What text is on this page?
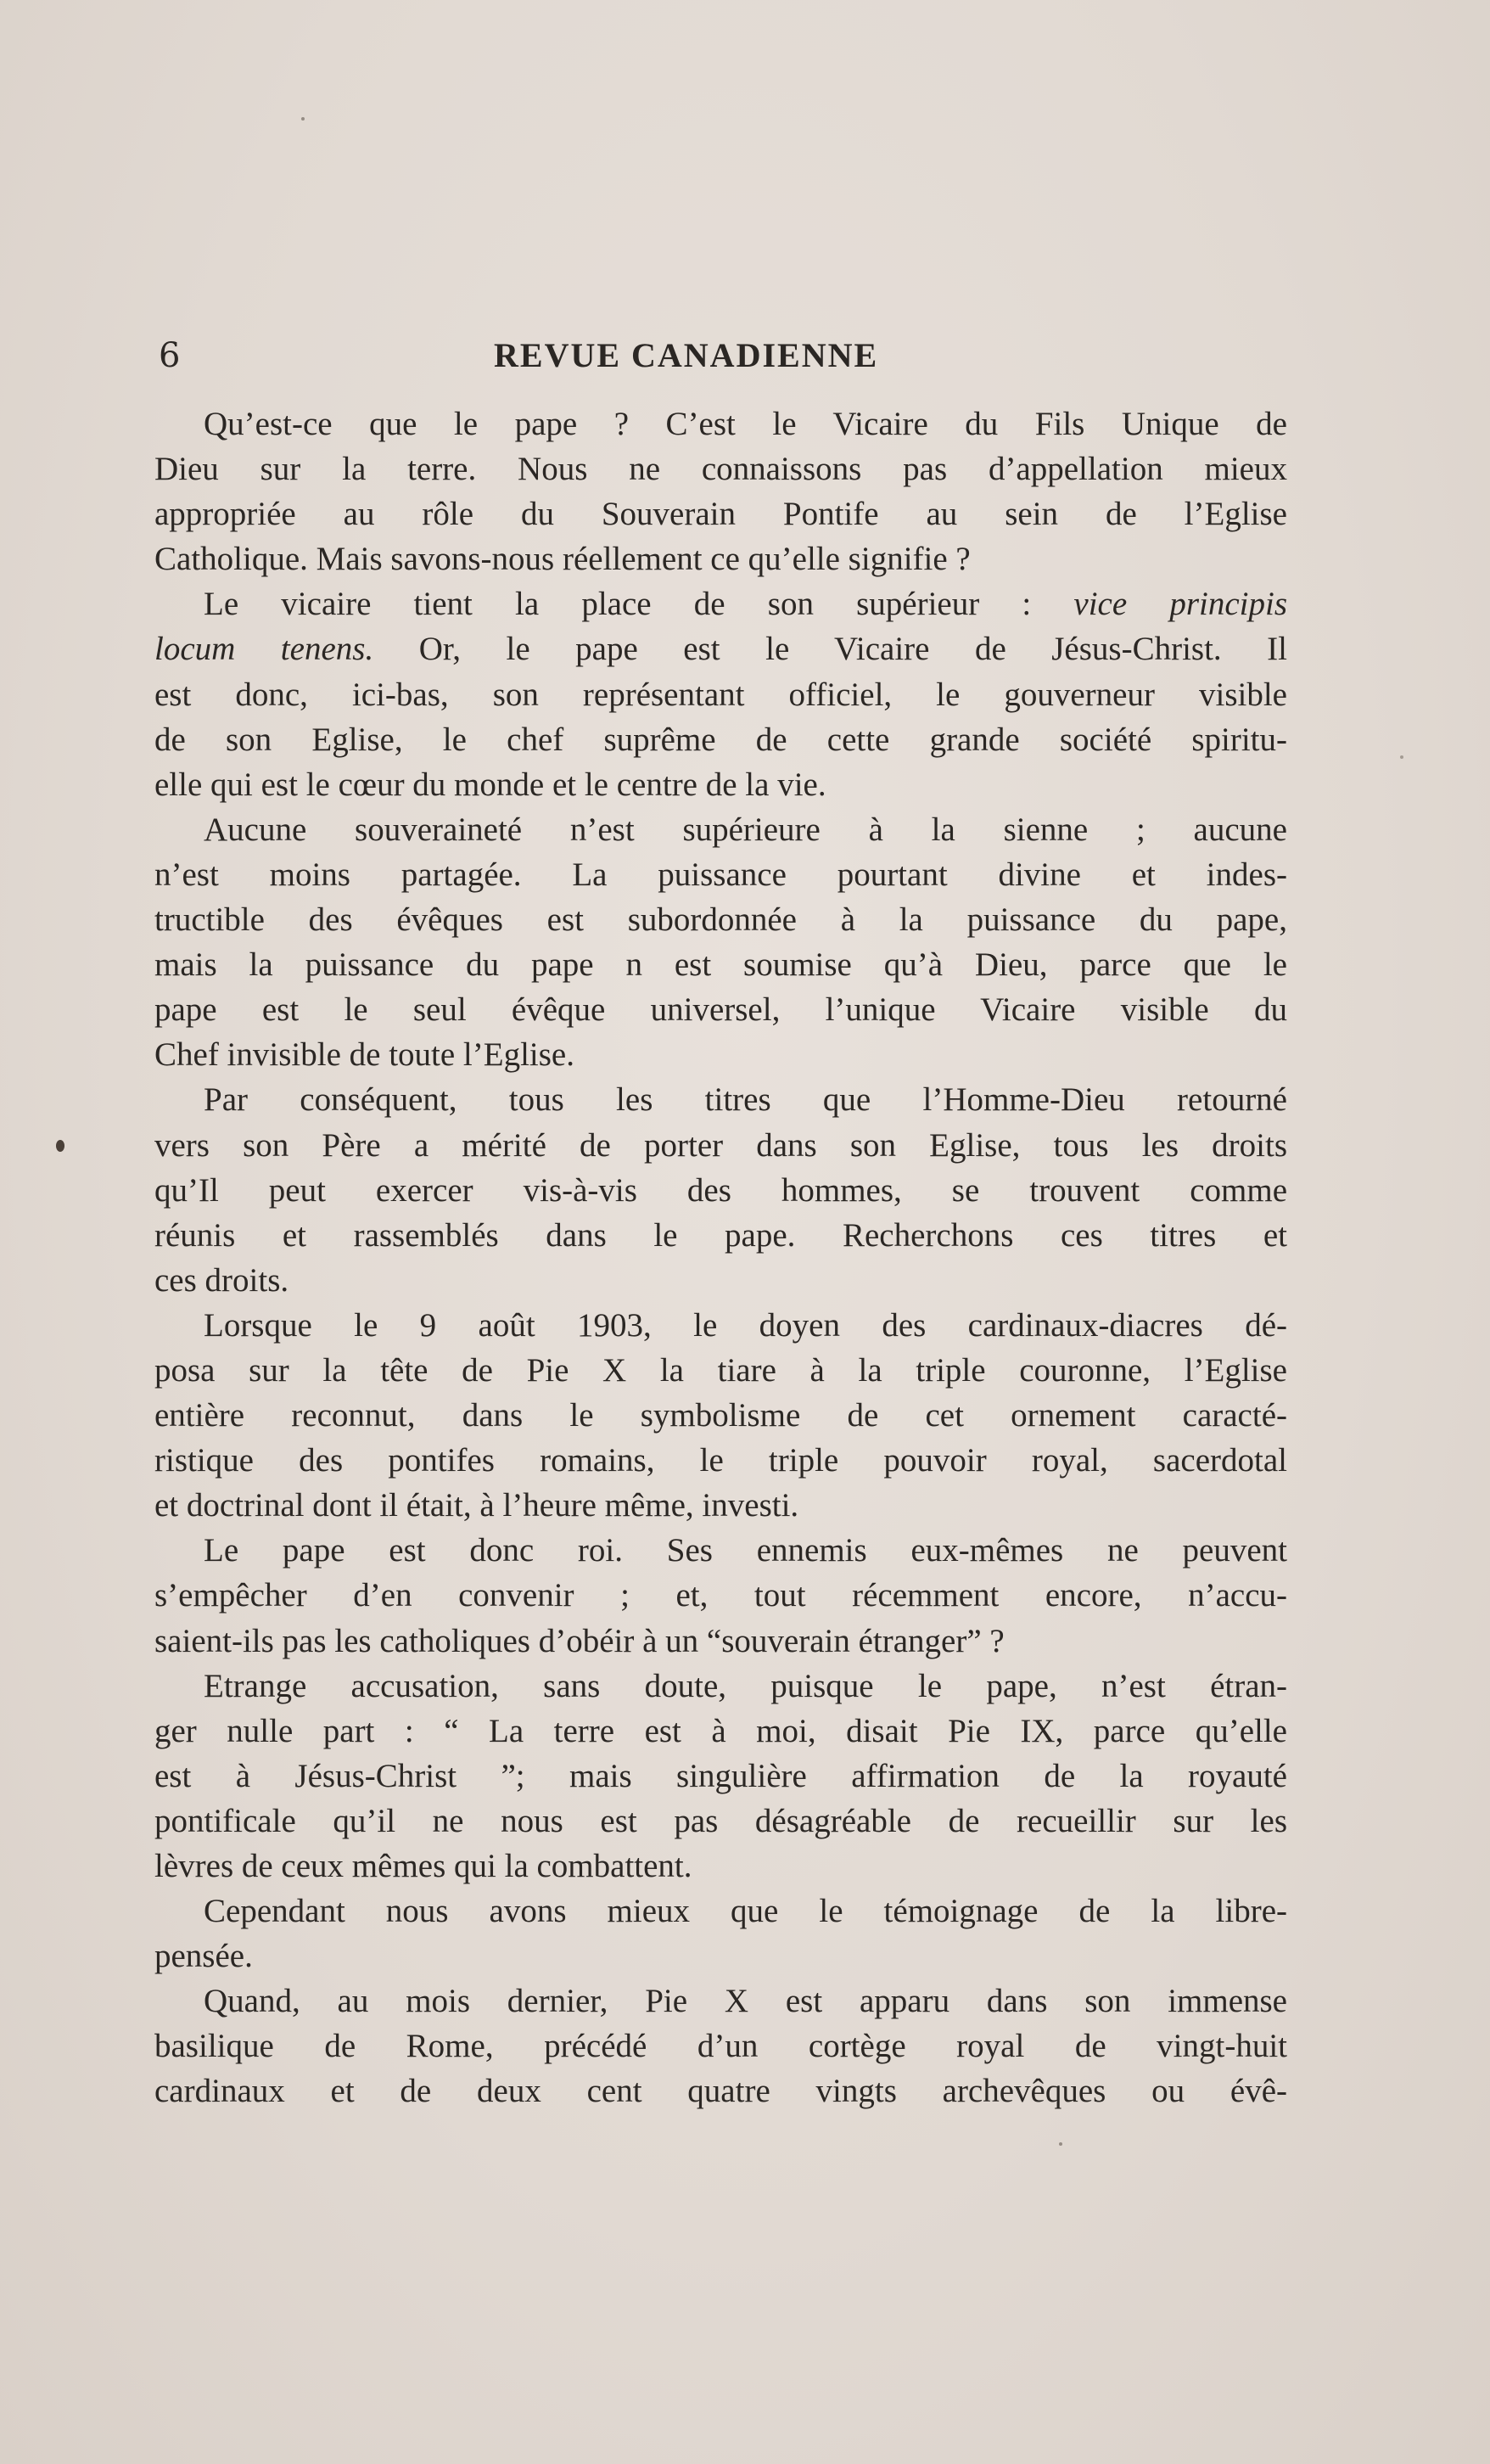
6	REVUE CANADIENNE
Qu’est-ce que le pape ? C’est le Vicaire du Fils Unique de
Dieu sur la terre. Nous ne connaissons pas d’appellation mieux
appropriée au rôle du Souverain Pontife au sein de l’Eglise
Catholique. Mais savons-nous réellement ce qu’elle signifie ?
Le vicaire tient la place de son supérieur : vice principis
locum tenens. Or, le pape est le Vicaire de Jésus-Christ. Il
est donc, ici-bas, son représentant officiel, le gouverneur visible
de son Eglise, le chef suprême de cette grande société spiritu-
elle qui est le cœur du monde et le centre de la vie.
Aucune souveraineté n’est supérieure à la sienne ; aucune
n’est moins partagée. La puissance pourtant divine et indes-
tructible des évêques est subordonnée à la puissance du pape,
mais la puissance du pape n est soumise qu’à Dieu, parce que le
pape est le seul évêque universel, l’unique Vicaire visible du
Chef invisible de toute l’Eglise.
Par conséquent, tous les titres que l’Homme-Dieu retourné
vers son Père a mérité de porter dans son Eglise, tous les droits
qu’Il peut exercer vis-à-vis des hommes, se trouvent comme
réunis et rassemblés dans le pape. Recherchons ces titres et
ces droits.
Lorsque le 9 août 1903, le doyen des cardinaux-diacres dé-
posa sur la tête de Pie X la tiare à la triple couronne, l’Eglise
entière reconnut, dans le symbolisme de cet ornement caracté-
ristique des pontifes romains, le triple pouvoir royal, sacerdotal
et doctrinal dont il était, à l’heure même, investi.
Le pape est donc roi. Ses ennemis eux-mêmes ne peuvent
s’empêcher d’en convenir ; et, tout récemment encore, n’accu-
saient-ils pas les catholiques d’obéir à un “souverain étranger” ?
Etrange accusation, sans doute, puisque le pape, n’est étran-
ger nulle part : “ La terre est à moi, disait Pie IX, parce qu’elle
est à Jésus-Christ ”; mais singulière affirmation de la royauté
pontificale qu’il ne nous est pas désagréable de recueillir sur les
lèvres de ceux mêmes qui la combattent.
Cependant nous avons mieux que le témoignage de la libre-
pensée.
Quand, au mois dernier, Pie X est apparu dans son immense
basilique de Rome, précédé d’un cortège royal de vingt-huit
cardinaux et de deux cent quatre vingts archevêques ou évê-
